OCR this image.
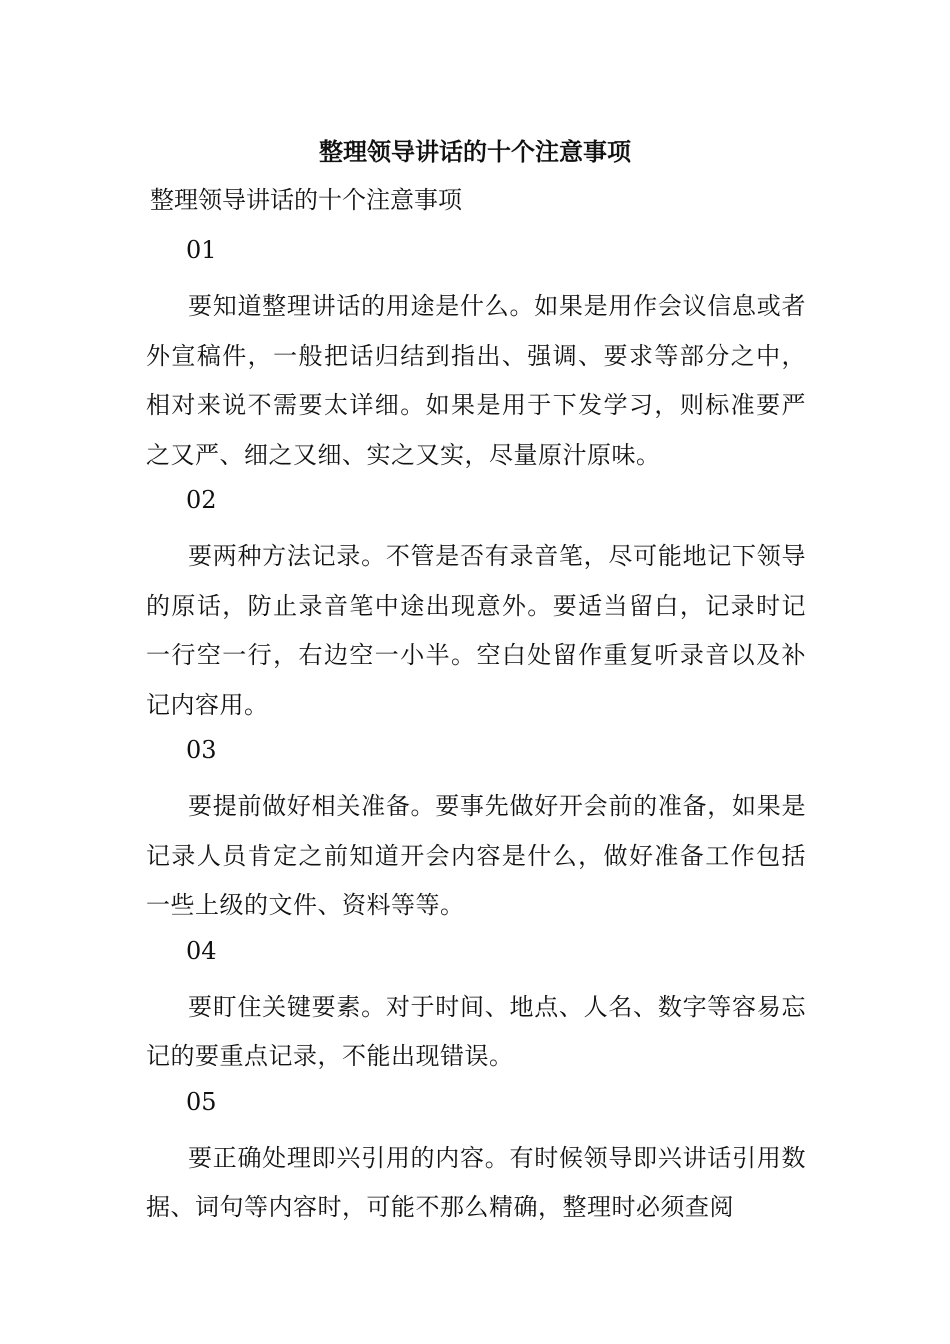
整理领导讲话的十个注意事项
整理领导讲话的十个注意事项
01

要知道整理讲话的用途是什么。如果是用作会议信息或者外宣稿件，一般把话归结到指出、强调、要求等部分之中，相对来说不需要太详细。如果是用于下发学习，则标准要严之又严、细之又细、实之又实，尽量原汁原味。

02

要两种方法记录。不管是否有录音笔，尽可能地记下领导的原话，防止录音笔中途出现意外。要适当留白，记录时记一行空一行，右边空一小半。空白处留作重复听录音以及补记内容用。

03

要提前做好相关准备。要事先做好开会前的准备，如果是记录人员肯定之前知道开会内容是什么，做好准备工作包括一些上级的文件、资料等等。

04

要盯住关键要素。对于时间、地点、人名、数字等容易忘记的要重点记录，不能出现错误。

05

要正确处理即兴引用的内容。有时候领导即兴讲话引用数据、词句等内容时，可能不那么精确，整理时必须查阅
